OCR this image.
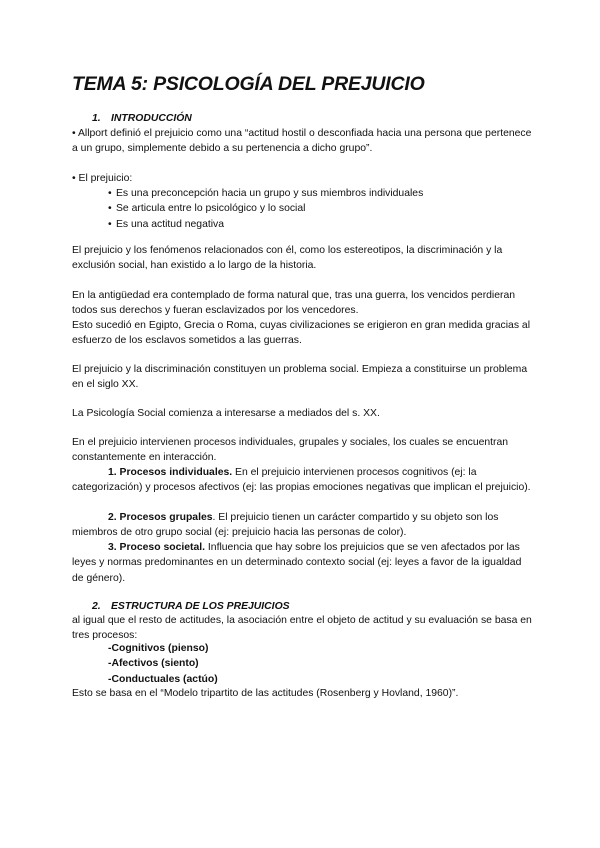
TEMA 5: PSICOLOGÍA DEL PREJUICIO
1. INTRODUCCIÓN

• Allport definió el prejuicio como una “actitud hostil o desconfiada hacia una persona que pertenece a un grupo, simplemente debido a su pertenencia a dicho grupo”.

• El prejuicio:

• Es una preconcepción hacia un grupo y sus miembros individuales
• Se articula entre lo psicológico y lo social
• Es una actitud negativa

El prejuicio y los fenómenos relacionados con él, como los estereotipos, la discriminación y la exclusión social, han existido a lo largo de la historia.

En la antigüedad era contemplado de forma natural que, tras una guerra, los vencidos perdieran todos sus derechos y fueran esclavizados por los vencedores.

Esto sucedió en Egipto, Grecia o Roma, cuyas civilizaciones se erigieron en gran medida gracias al esfuerzo de los esclavos sometidos a las guerras.

El prejuicio y la discriminación constituyen un problema social. Empieza a constituirse un problema en el siglo XX.

La Psicología Social comienza a interesarse a mediados del s. XX.

En el prejuicio intervienen procesos individuales, grupales y sociales, los cuales se encuentran constantemente en interacción.

1. Procesos individuales. En el prejuicio intervienen procesos cognitivos (ej: la categorización) y procesos afectivos (ej: las propias emociones negativas que implican el prejuicio).

2. Procesos grupales. El prejuicio tienen un carácter compartido y su objeto son los miembros de otro grupo social (ej: prejuicio hacia las personas de color).

3. Proceso societal. Influencia que hay sobre los prejuicios que se ven afectados por las leyes y normas predominantes en un determinado contexto social (ej: leyes a favor de la igualdad de género).

2. ESTRUCTURA DE LOS PREJUICIOS

al igual que el resto de actitudes, la asociación entre el objeto de actitud y su evaluación se basa en tres procesos:

- Cognitivos (pienso)
- Afectivos (siento)
- Conductuales (actúo)

Esto se basa en el “Modelo tripartito de las actitudes (Rosenberg y Hovland, 1960)”.
